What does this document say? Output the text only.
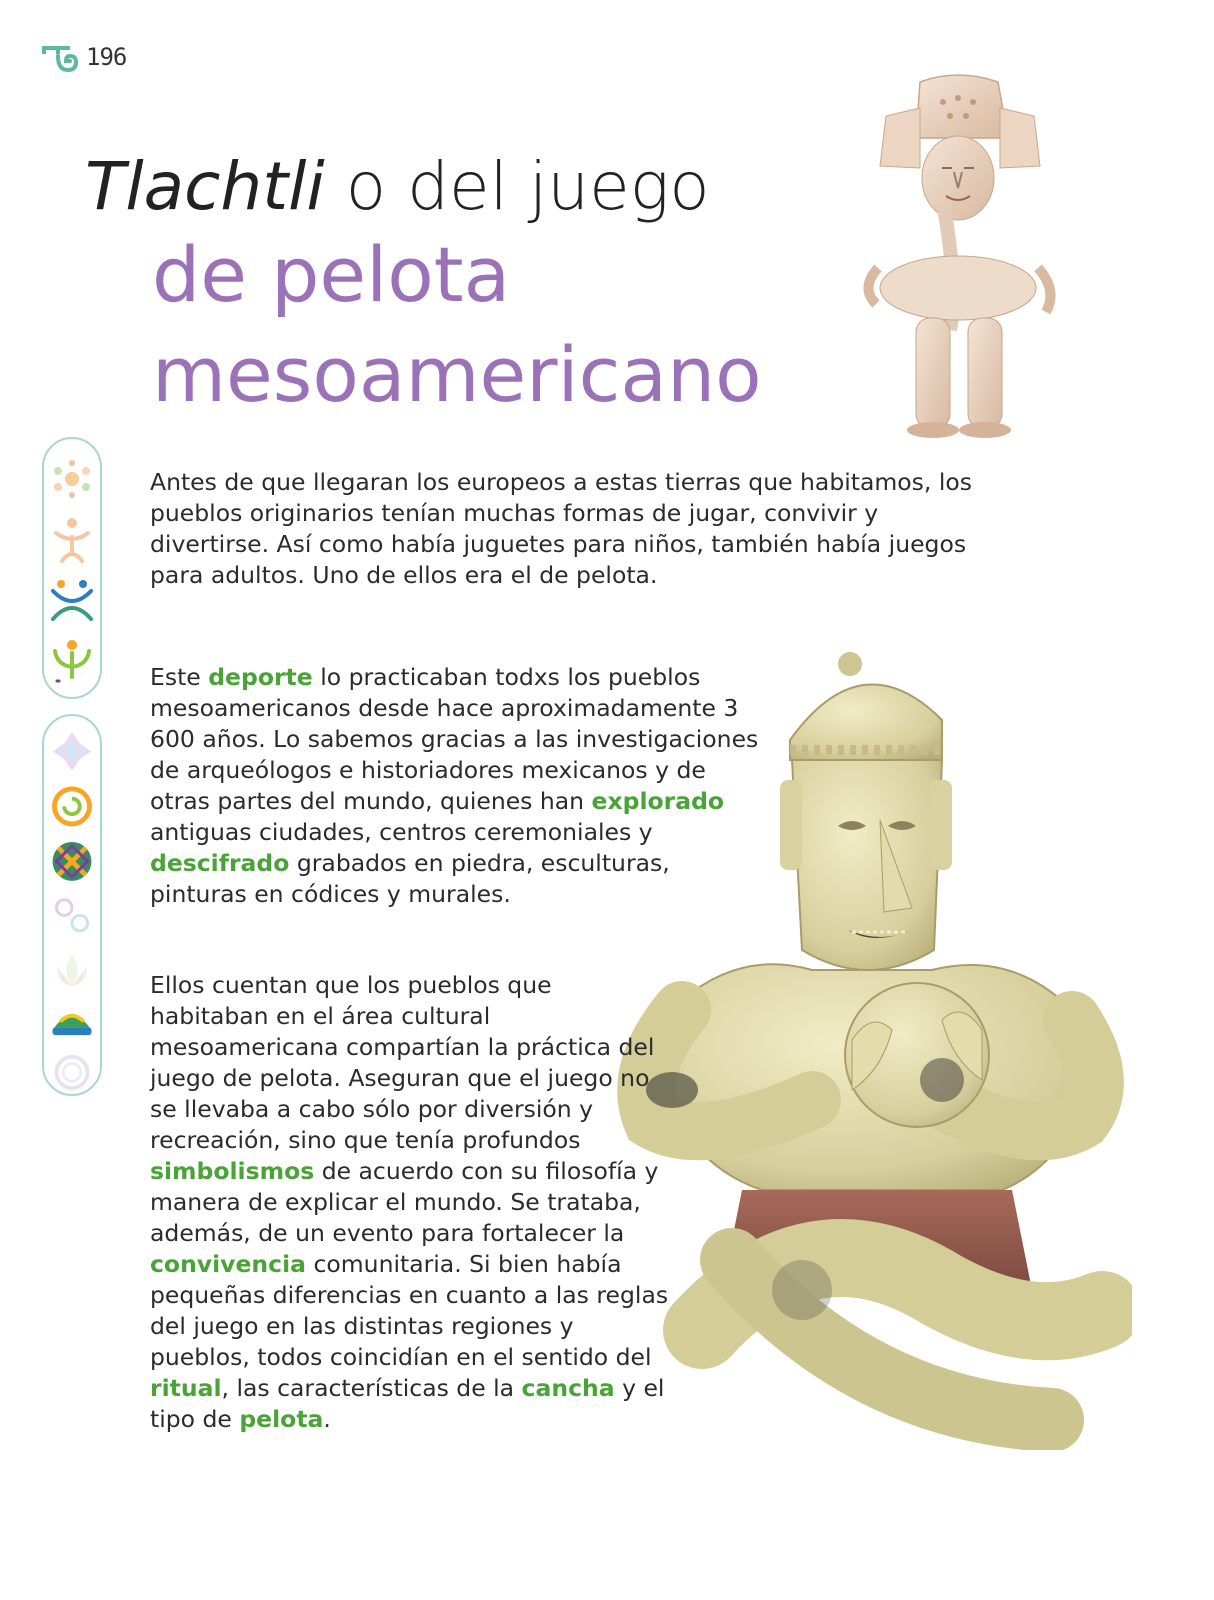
196
Tlachtli o del juego
de pelota
mesoamericano

Antes de que llegaran los europeos a estas tierras que habitamos, los pueblos originarios tenían muchas formas de jugar, convivir y divertirse. Así como había juguetes para niños, también había juegos para adultos. Uno de ellos era el de pelota.

Este deporte lo practicaban todxs los pueblos mesoamericanos desde hace aproximadamente 3 600 años. Lo sabemos gracias a las investigaciones de arqueólogos e historiadores mexicanos y de otras partes del mundo, quienes han explorado antiguas ciudades, centros ceremoniales y descifrado grabados en piedra, esculturas, pinturas en códices y murales.

Ellos cuentan que los pueblos que habitaban en el área cultural mesoamericana compartían la práctica del juego de pelota. Aseguran que el juego no se llevaba a cabo sólo por diversión y recreación, sino que tenía profundos simbolismos de acuerdo con su filosofía y manera de explicar el mundo. Se trataba, además, de un evento para fortalecer la convivencia comunitaria. Si bien había pequeñas diferencias en cuanto a las reglas del juego en las distintas regiones y pueblos, todos coincidían en el sentido del ritual, las características de la cancha y el tipo de pelota.
